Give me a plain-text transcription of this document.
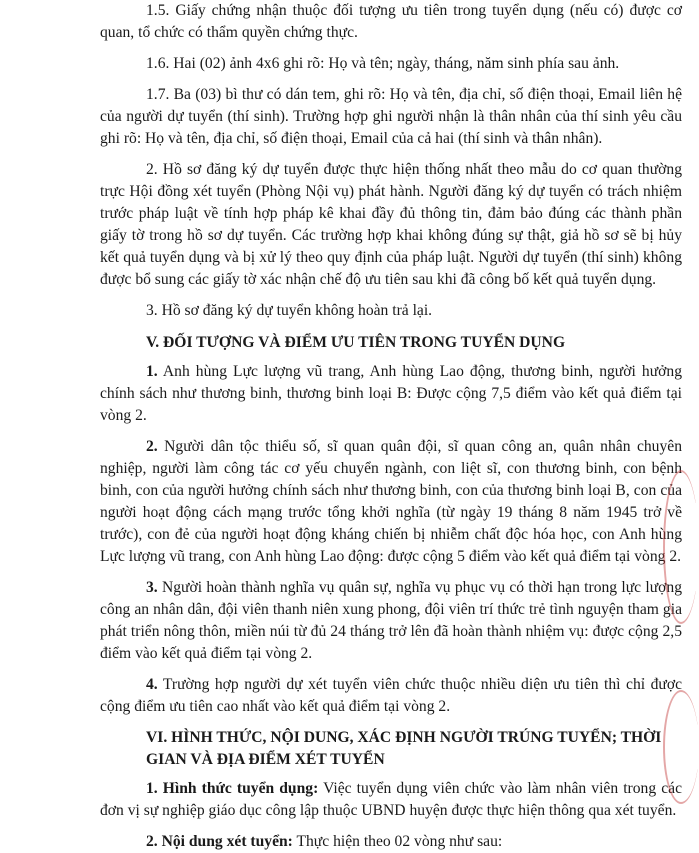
1.5. Giấy chứng nhận thuộc đối tượng ưu tiên trong tuyển dụng (nếu có) được cơ quan, tổ chức có thẩm quyền chứng thực.

1.6. Hai (02) ảnh 4x6 ghi rõ: Họ và tên; ngày, tháng, năm sinh phía sau ảnh.

1.7. Ba (03) bì thư có dán tem, ghi rõ: Họ và tên, địa chỉ, số điện thoại, Email liên hệ của người dự tuyển (thí sinh). Trường hợp ghi người nhận là thân nhân của thí sinh yêu cầu ghi rõ: Họ và tên, địa chỉ, số điện thoại, Email của cả hai (thí sinh và thân nhân).

2. Hồ sơ đăng ký dự tuyển được thực hiện thống nhất theo mẫu do cơ quan thường trực Hội đồng xét tuyển (Phòng Nội vụ) phát hành. Người đăng ký dự tuyển có trách nhiệm trước pháp luật về tính hợp pháp kê khai đầy đủ thông tin, đảm bảo đúng các thành phần giấy tờ trong hồ sơ dự tuyển. Các trường hợp khai không đúng sự thật, giả hồ sơ sẽ bị hủy kết quả tuyển dụng và bị xử lý theo quy định của pháp luật. Người dự tuyển (thí sinh) không được bổ sung các giấy tờ xác nhận chế độ ưu tiên sau khi đã công bố kết quả tuyển dụng.

3. Hồ sơ đăng ký dự tuyển không hoàn trả lại.

V. ĐỐI TƯỢNG VÀ ĐIỂM ƯU TIÊN TRONG TUYỂN DỤNG

1. Anh hùng Lực lượng vũ trang, Anh hùng Lao động, thương binh, người hưởng chính sách như thương binh, thương binh loại B: Được cộng 7,5 điểm vào kết quả điểm tại vòng 2.

2. Người dân tộc thiểu số, sĩ quan quân đội, sĩ quan công an, quân nhân chuyên nghiệp, người làm công tác cơ yếu chuyển ngành, con liệt sĩ, con thương binh, con bệnh binh, con của người hưởng chính sách như thương binh, con của thương binh loại B, con của người hoạt động cách mạng trước tổng khởi nghĩa (từ ngày 19 tháng 8 năm 1945 trở về trước), con đẻ của người hoạt động kháng chiến bị nhiễm chất độc hóa học, con Anh hùng Lực lượng vũ trang, con Anh hùng Lao động: được cộng 5 điểm vào kết quả điểm tại vòng 2.

3. Người hoàn thành nghĩa vụ quân sự, nghĩa vụ phục vụ có thời hạn trong lực lượng công an nhân dân, đội viên thanh niên xung phong, đội viên trí thức trẻ tình nguyện tham gia phát triển nông thôn, miền núi từ đủ 24 tháng trở lên đã hoàn thành nhiệm vụ: được cộng 2,5 điểm vào kết quả điểm tại vòng 2.

4. Trường hợp người dự xét tuyển viên chức thuộc nhiều diện ưu tiên thì chỉ được cộng điểm ưu tiên cao nhất vào kết quả điểm tại vòng 2.

VI. HÌNH THỨC, NỘI DUNG, XÁC ĐỊNH NGƯỜI TRÚNG TUYỂN; THỜI GIAN VÀ ĐỊA ĐIỂM XÉT TUYỂN

1. Hình thức tuyển dụng: Việc tuyển dụng viên chức vào làm nhân viên trong các đơn vị sự nghiệp giáo dục công lập thuộc UBND huyện được thực hiện thông qua xét tuyển.

2. Nội dung xét tuyển: Thực hiện theo 02 vòng như sau:
